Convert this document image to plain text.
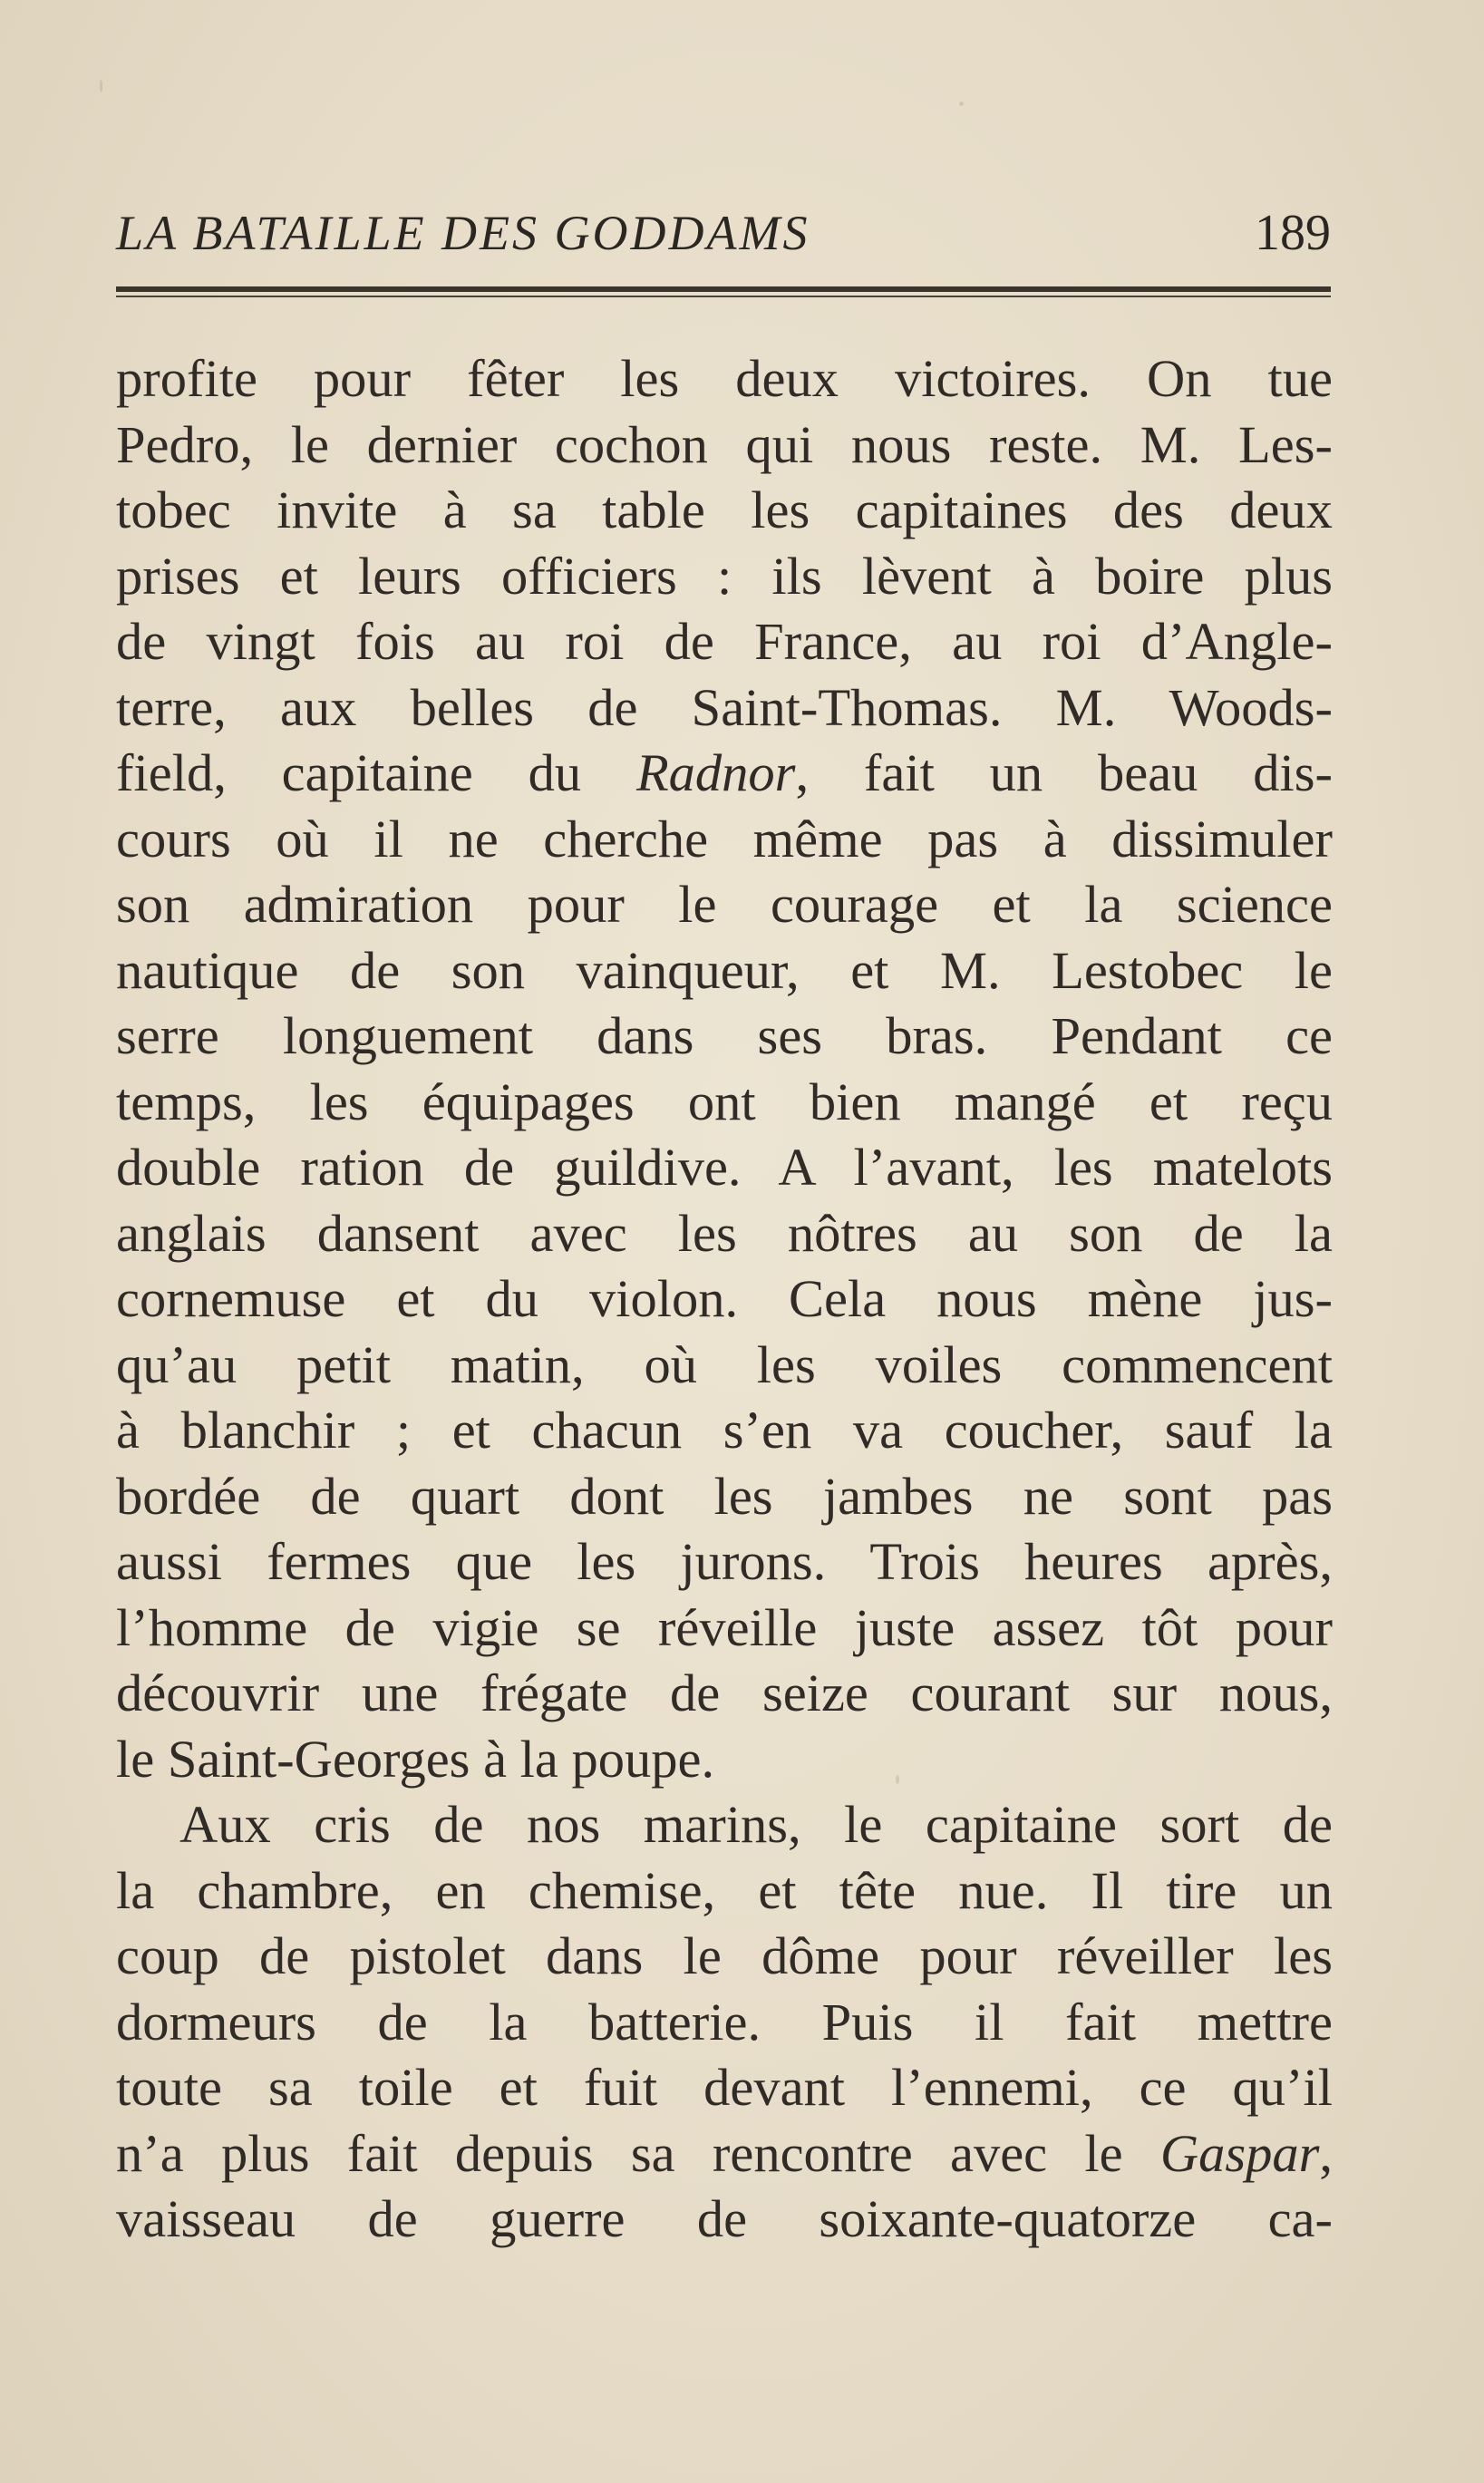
LA BATAILLE DES GODDAMS	189
profite pour fêter les deux victoires. On tue
Pedro, le dernier cochon qui nous reste. M. Les-
tobec invite à sa table les capitaines des deux
prises et leurs officiers : ils lèvent à boire plus
de vingt fois au roi de France, au roi d’Angle-
terre, aux belles de Saint-Thomas. M. Woods-
field, capitaine du Radnor, fait un beau dis-
cours où il ne cherche même pas à dissimuler
son admiration pour le courage et la science
nautique de son vainqueur, et M. Lestobec le
serre longuement dans ses bras. Pendant ce
temps, les équipages ont bien mangé et reçu
double ration de guildive. A l’avant, les matelots
anglais dansent avec les nôtres au son de la
cornemuse et du violon. Cela nous mène jus-
qu’au petit matin, où les voiles commencent
à blanchir ; et chacun s’en va coucher, sauf la
bordée de quart dont les jambes ne sont pas
aussi fermes que les jurons. Trois heures après,
l’homme de vigie se réveille juste assez tôt pour
découvrir une frégate de seize courant sur nous,
le Saint-Georges à la poupe.
Aux cris de nos marins, le capitaine sort de
la chambre, en chemise, et tête nue. Il tire un
coup de pistolet dans le dôme pour réveiller les
dormeurs de la batterie. Puis il fait mettre
toute sa toile et fuit devant l’ennemi, ce qu’il
n’a plus fait depuis sa rencontre avec le Gaspar,
vaisseau de guerre de soixante-quatorze ca-
